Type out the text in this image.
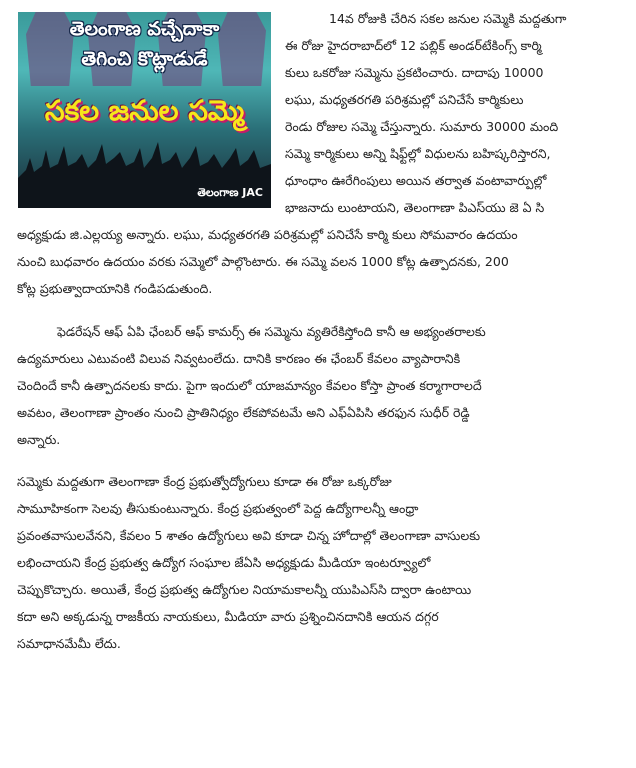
తెలంగాణ వచ్చేదాకా
తెగించి కొట్లాడుడే
సకల జనుల సమ్మె
తెలంగాణ JAC

14వ రోజుకి చేరిన సకల జనుల సమ్మెకి మద్దతుగా

ఈ రోజు హైదరాబాద్‌లో 12 పబ్లిక్ అండర్‌టేకింగ్స్ కార్మి

కులు ఒకరోజు సమ్మెను ప్రకటించారు. దాదాపు 10000

లఘు, మధ్యతరగతి పరిశ్రమల్లో పనిచేసే కార్మికులు

రెండు రోజుల సమ్మె చేస్తున్నారు. సుమారు 30000 మంది

సమ్మె కార్మికులు అన్ని షిఫ్ట్‌ల్లో విధులను బహిష్కరిస్తారని,

ధూంధాం ఊరేగింపులు అయిన తర్వాత వంటావార్పుల్లో

భాజనాదు లుంటాయని, తెలంగాణా పిఎస్‌యు జె ఏ సి

అధ్యక్షుడు జి.ఎల్లయ్య అన్నారు. లఘు, మధ్యతరగతి పరిశ్రమల్లో పనిచేసే కార్మి కులు సోమవారం ఉదయం

నుంచి బుధవారం ఉదయం వరకు సమ్మెలో పాల్గొంటారు. ఈ సమ్మె వలన 1000 కోట్ల ఉత్పాదనకు, 200

కోట్ల ప్రభుత్వాదాయానికి గండిపడుతుంది.

ఫెడరేషన్ ఆఫ్ ఏపి ఛేంబర్ ఆఫ్ కామర్స్ ఈ సమ్మెను వ్యతిరేకిస్తోంది కానీ ఆ అభ్యంతరాలకు

ఉద్యమారులు ఎటువంటి విలువ నివ్వటంలేదు. దానికి కారణం ఈ ఛేంబర్ కేవలం వ్యాపారానికి

చెందిందే కానీ ఉత్పాదనలకు కాదు. పైగా ఇందులో యాజమాన్యం కేవలం కోస్తా ప్రాంత కర్మాగారాలదే

అవటం, తెలంగాణా ప్రాంతం నుంచి ప్రాతినిధ్యం లేకపోవటమే అని ఎఫ్ఏపిసి తరఫున సుధీర్ రెడ్డి

అన్నారు.

సమ్మెకు మద్దతుగా తెలంగాణా కేంద్ర ప్రభుత్వోద్యోగులు కూడా ఈ రోజు ఒక్కరోజు

సామూహికంగా సెలవు తీసుకుంటున్నారు. కేంద్ర ప్రభుత్వంలో పెద్ద ఉద్యోగాలన్నీ ఆంధ్రా

ప్రవంతవాసులవేనని, కేవలం 5 శాతం ఉద్యోగులు అవి కూడా చిన్న హోదాల్లో తెలంగాణా వాసులకు

లభించాయని కేంద్ర ప్రభుత్వ ఉద్యోగ సంఘాల జేఏసి అధ్యక్షుడు మీడియా ఇంటర్వ్యూలో

చెప్పుకొచ్చారు. అయితే, కేంద్ర ప్రభుత్వ ఉద్యోగుల నియామకాలన్నీ యుపిఎస్‌సి ద్వారా ఉంటాయి

కదా అని అక్కడున్న రాజకీయ నాయకులు, మీడియా వారు ప్రశ్నించినదానికి ఆయన దగ్గర

సమాధానమేమీ లేదు.
